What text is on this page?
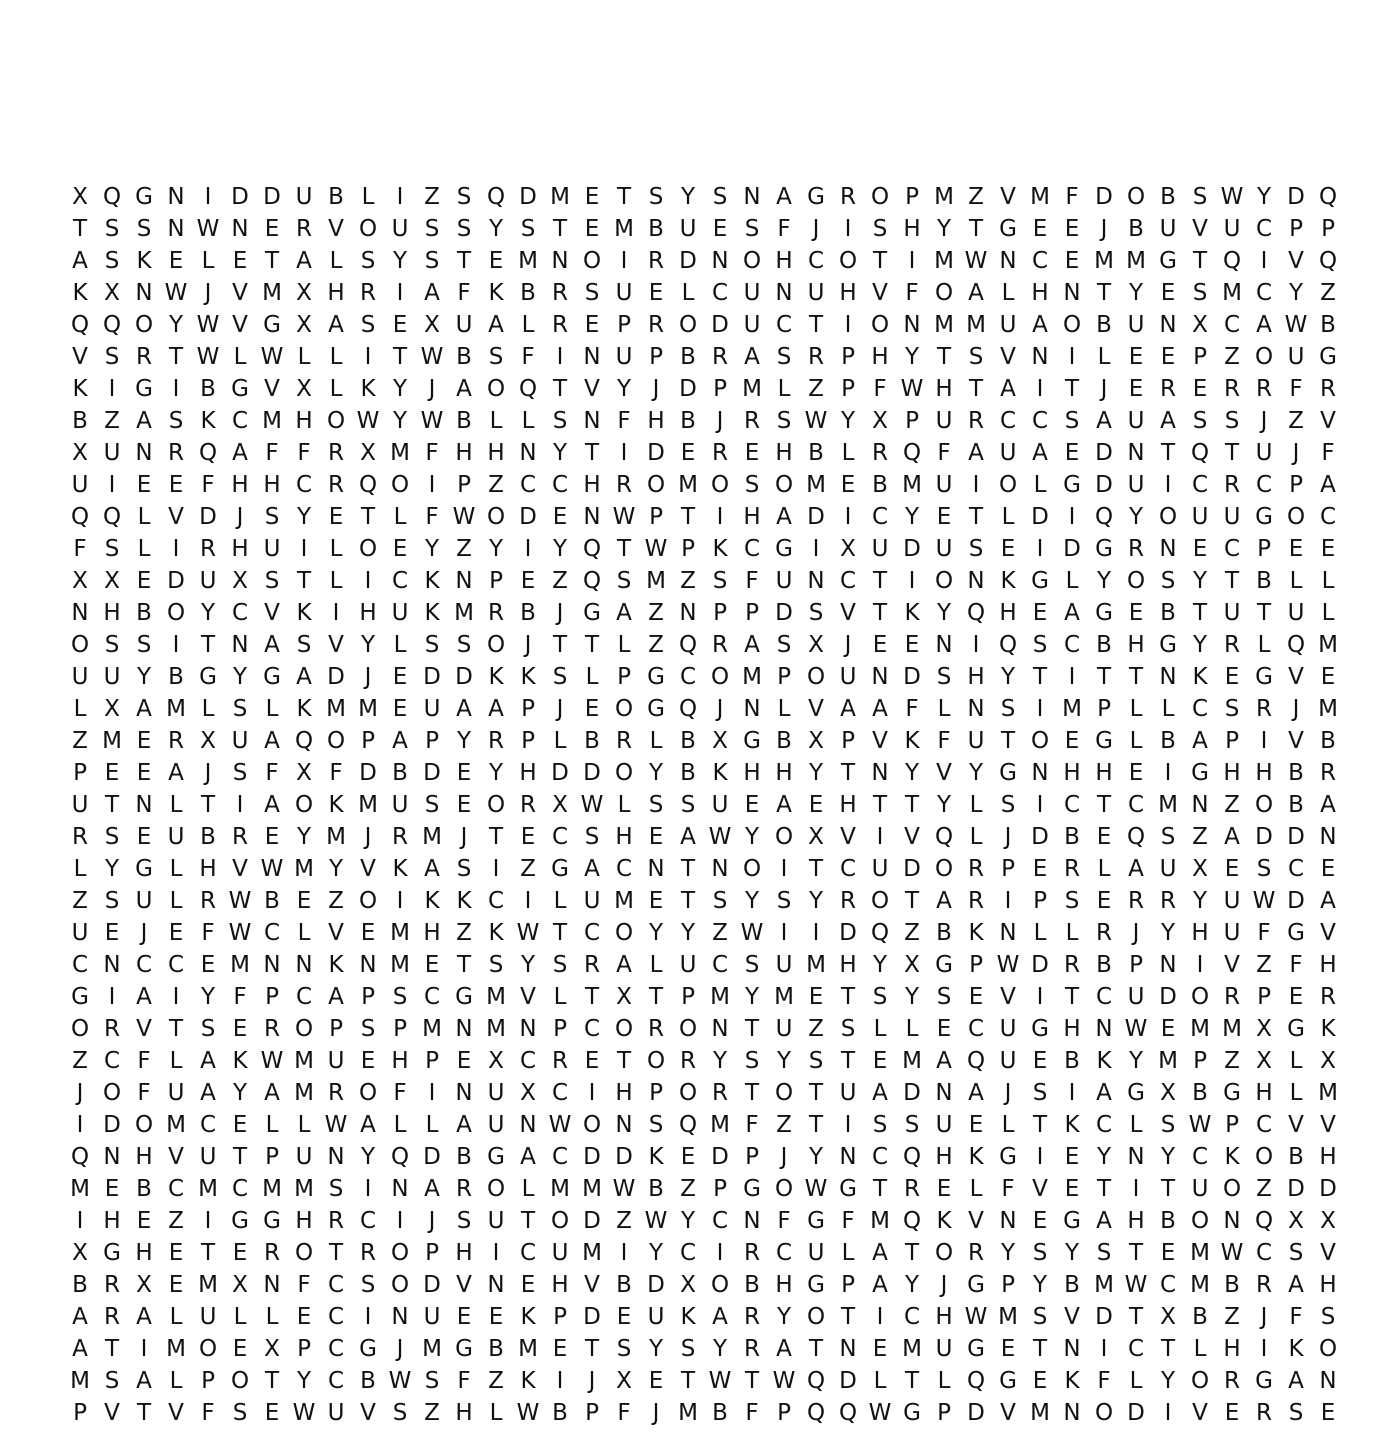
X Q G N I D D U B L I Z S Q D M E T S Y S N A G R O P M Z V M F D O B S W Y D Q
T S S N W N E R V O U S S Y S T E M B U E S F J	I S H Y T G E E J B U V U C P P
A S K E L E T A L S Y S T E M N O I R D N O H C O T I M W N C E M M G T Q I V Q
K X N W J V M X H R I A F K B R S U E L C U N U H V F O A L H N T Y E S M C Y Z
Q Q O Y W V G X A S E X U A L R E P R O D U C T I O N M M U A O B U N X C A W B
V S R T W L W L L I T W B S F I N U P B R A S R P H Y T S V N I L E E P Z O U G
K I G I B G V X L K Y J A O Q T V Y J D P M L Z P F W H T A I T J E R E R R F R
B Z A S K C M H O W Y W B L L S N F H B J R S W Y X P U R C C S A U A S S J Z V
X U N R Q A F F R X M F H H N Y T I D E R E H B L R Q F A U A E D N T Q T U J F
U I E E F H H C R Q O I P Z C C H R O M O S O M E B M U I O L G D U I C R C P A
Q Q L V D J S Y E T L F W O D E N W P T I H A D I C Y E T L D I Q Y O U U G O C
F S L I R H U I L O E Y Z Y I Y Q T W P K C G I X U D U S E I D G R N E C P E E
X X E D U X S T L I C K N P E Z Q S M Z S F U N C T I O N K G L Y O S Y T B L L
N H B O Y C V K I H U K M R B J G A Z N P P D S V T K Y Q H E A G E B T U T U L
O S S I T N A S V Y L S S O J T T L Z Q R A S X J E E N I Q S C B H G Y R L Q M
U U Y B G Y G A D J E D D K K S L P G C O M P O U N D S H Y T I T T N K E G V E
L X A M L S L K M M E U A A P J E O G Q J N L V A A F L N S I M P L L C S R J M
Z M E R X U A Q O P A P Y R P L B R L B X G B X P V K F U T O E G L B A P I V B
P E E A J S F X F D B D E Y H D D O Y B K H H Y T N Y V Y G N H H E I G H H B R
U T N L T I A O K M U S E O R X W L S S U E A E H T T Y L S I C T C M N Z O B A
R S E U B R E Y M J R M J T E C S H E A W Y O X V I V Q L J D B E Q S Z A D D N
L Y G L H V W M Y V K A S I Z G A C N T N O I T C U D O R P E R L A U X E S C E
Z S U L R W B E Z O I K K C I L U M E T S Y S Y R O T A R I P S E R R Y U W D A
U E J E F W C L V E M H Z K W T C O Y Y Z W I	I D Q Z B K N L L R J Y H U F G V
C N C C E M N N K N M E T S Y S R A L U C S U M H Y X G P W D R B P N I V Z F H
G I A I Y F P C A P S C G M V L T X T P M Y M E T S Y S E V I T C U D O R P E R
O R V T S E R O P S P M N M N P C O R O N T U Z S L L E C U G H N W E M M X G K
Z C F L A K W M U E H P E X C R E T O R Y S Y S T E M A Q U E B K Y M P Z X L X
J O F U A Y A M R O F I N U X C I H P O R T O T U A D N A J S I A G X B G H L M
I D O M C E L L W A L L A U N W O N S Q M F Z T I S S U E L T K C L S W P C V V
Q N H V U T P U N Y Q D B G A C D D K E D P J Y N C Q H K G I E Y N Y C K O B H
M E B C M C M M S I N A R O L M M W B Z P G O W G T R E L F V E T I T U O Z D D
I H E Z I G G H R C I	J S U T O D Z W Y C N F G F M Q K V N E G A H B O N Q X X
X G H E T E R O T R O P H I C U M I Y C I R C U L A T O R Y S Y S T E M W C S V
B R X E M X N F C S O D V N E H V B D X O B H G P A Y J G P Y B M W C M B R A H
A R A L U L L E C I N U E E K P D E U K A R Y O T I C H W M S V D T X B Z J F S
A T I M O E X P C G J M G B M E T S Y S Y R A T N E M U G E T N I C T L H I K O
M S A L P O T Y C B W S F Z K I	J X E T W T W Q D L T L Q G E K F L Y O R G A N
P V T V F S E W U V S Z H L W B P F J M B F P Q Q W G P D V M N O D I V E R S E
